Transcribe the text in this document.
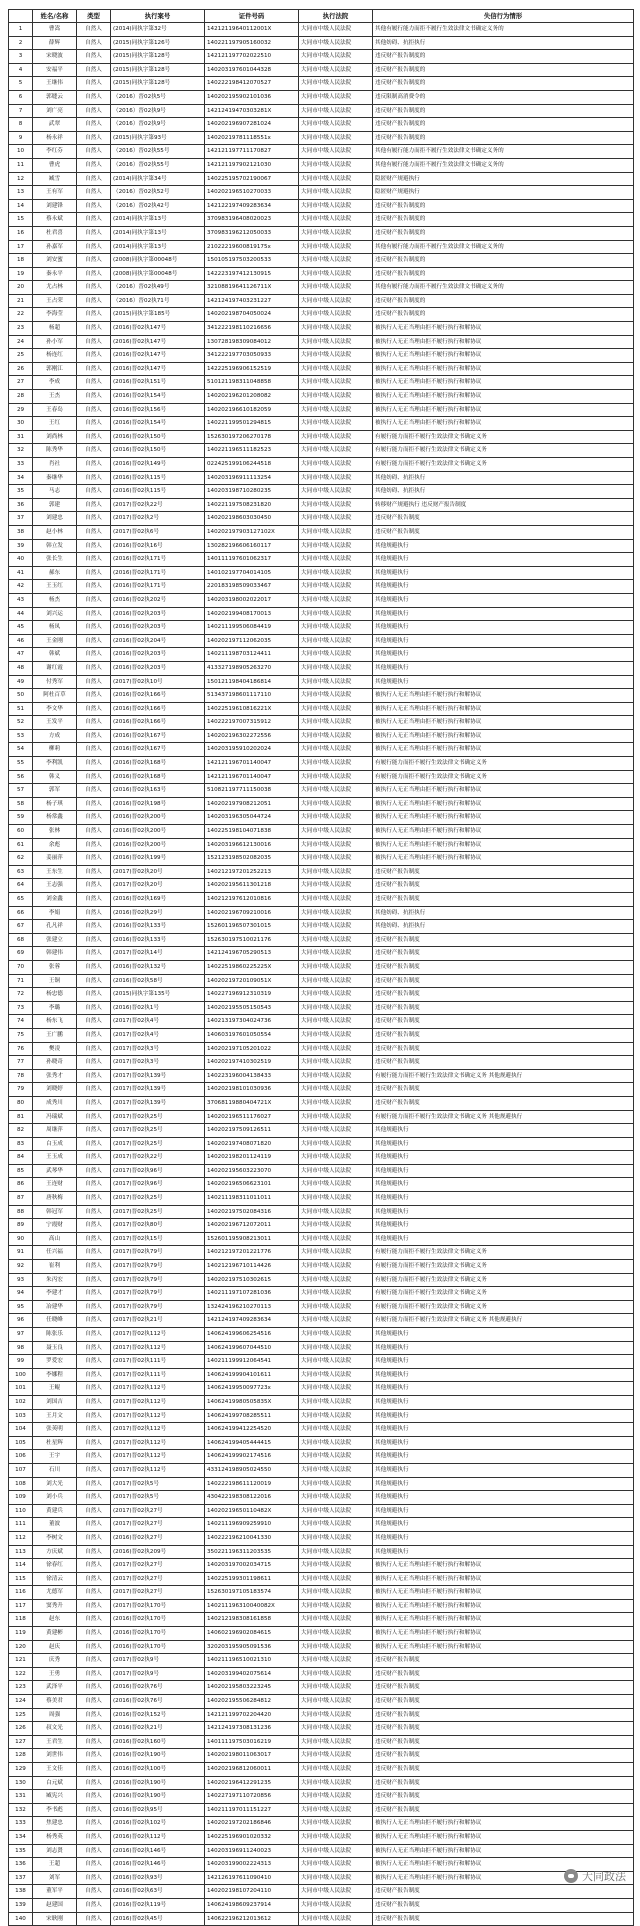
	姓名/名称	类型	执行案号	证件号码	执行法院	失信行为情形
1	曹嵩	自然人	(2014)同执字第32号	14212119640112001X	大同市中级人民法院	其他有履行能力而拒不履行生效法律文书确定义务的
2	薛辉	自然人	(2015)同执字第126号	140221197905160032	大同市中级人民法院	其他妨碍、抗拒执行
3	宋晓波	自然人	(2015)同执字第128号	142121197702022510	大同市中级人民法院	违反财产报告制度的
4	安福平	自然人	(2015)同执字第128号	140203197601044328	大同市中级人民法院	违反财产报告制度的
5	王继伟	自然人	(2015)同执字第128号	140222198412070527	大同市中级人民法院	违反财产报告制度的
6	郭缝云	自然人	（2016）晋02执5号	140202195902101036	大同市中级人民法院	违反限制高消费令的
7	刘广亮	自然人	（2016）晋02执9号	14212419470303281X	大同市中级人民法院	违反财产报告制度的
8	武翠	自然人	（2016）晋02执9号	140202196907281024	大同市中级人民法院	违反财产报告制度的
9	杨永祥	自然人	(2015)同执字第93号	14020219781118551x	大同市中级人民法院	违反财产报告制度的
10	李红芬	自然人	（2016）晋02执55号	142121197711170827	大同市中级人民法院	其他有履行能力而拒不履行生效法律文书确定义务的
11	曹虎	自然人	（2016）晋02执55号	142121197902121030	大同市中级人民法院	其他有履行能力而拒不履行生效法律文书确定义务的
12	臧雪	自然人	(2014)同执字第34号	140225195702190067	大同市中级人民法院	隐匿财产规避执行
13	王有军	自然人	（2016）晋02执52号	140202196510270033	大同市中级人民法院	隐匿财产规避执行
14	刘建锋	自然人	（2016）晋02执42号	142122197409283634	大同市中级人民法院	违反财产报告制度的
15	蔡永斌	自然人	(2014)同执字第13号	370983196408020023	大同市中级人民法院	违反财产报告制度的
16	杜君喜	自然人	(2014)同执字第13号	370983196212050033	大同市中级人民法院	违反财产报告制度的
17	孙嘉军	自然人	(2014)同执字第13号	21022219600819175x	大同市中级人民法院	其他有履行能力而拒不履行生效法律文书确定义务的
18	刘安蜜	自然人	(2008)同执字第00048号	150105197503200533	大同市中级人民法院	违反财产报告制度的
19	秦永平	自然人	(2008)同执字第00048号	142223197412130915	大同市中级人民法院	违反财产报告制度的
20	尤占林	自然人	（2016）晋02执49号	32108819641126711X	大同市中级人民法院	其他有履行能力而拒不履行生效法律文书确定义务的
21	王占荣	自然人	（2016）晋02执71号	142124197403231227	大同市中级人民法院	违反财产报告制度的
22	李海莹	自然人	(2015)同执字第185号	140202198704050024	大同市中级人民法院	违反财产报告制度的
23	杨超	自然人	(2016)晋02执147号	341222198110216656	大同市中级人民法院	被执行人无正当理由拒不履行执行和解协议
24	孙小军	自然人	(2016)晋02执147号	130728198309084012	大同市中级人民法院	被执行人无正当理由拒不履行执行和解协议
25	杨连红	自然人	(2016)晋02执147号	341222197703050933	大同市中级人民法院	被执行人无正当理由拒不履行执行和解协议
26	郭刚江	自然人	(2016)晋02执147号	142225196906152519	大同市中级人民法院	被执行人无正当理由拒不履行执行和解协议
27	李成	自然人	(2016)晋02执151号	510121198311048858	大同市中级人民法院	被执行人无正当理由拒不履行执行和解协议
28	王杰	自然人	(2016)晋02执154号	140202196201208082	大同市中级人民法院	被执行人无正当理由拒不履行执行和解协议
29	王春岛	自然人	(2016)晋02执156号	140202196610182059	大同市中级人民法院	被执行人无正当理由拒不履行执行和解协议
30	王红	自然人	(2016)晋02执154号	140221199501294815	大同市中级人民法院	被执行人无正当理由拒不履行执行和解协议
31	刘尚林	自然人	(2016)晋02执150号	152630197206270178	大同市中级人民法院	有履行能力而拒不履行生效法律文书确定义务
32	陈秀华	自然人	(2016)晋02执150号	140221196511182523	大同市中级人民法院	有履行能力而拒不履行生效法律文书确定义务
33	肖社	自然人	(2016)晋02执149号	022425199106244518	大同市中级人民法院	有履行能力而拒不履行生效法律文书确定义务
34	秦继华	自然人	(2016)晋02执115号	140203196911113254	大同市中级人民法院	其他妨碍、抗拒执行
35	马志	自然人	(2016)晋02执115号	140203198710280235	大同市中级人民法院	其他妨碍、抗拒执行
36	郭建	自然人	(2017)晋02执22号	140221197508231820	大同市中级人民法院	转移财产规避执行 违反财产报告制度
37	刘建忠	自然人	(2017)晋02执2号	140202198603030450	大同市中级人民法院	违反财产报告制度
38	赵小林	自然人	(2017)晋02执6号	140202197903127102X	大同市中级人民法院	违反财产报告制度
39	韩立发	自然人	(2016)晋02执16号	130282196606160117	大同市中级人民法院	其他规避执行
40	张长生	自然人	(2016)晋02执171号	140111197601062317	大同市中级人民法院	其他规避执行
41	郝东	自然人	(2016)晋02执171号	140102197704014105	大同市中级人民法院	其他规避执行
42	王玉红	自然人	(2016)晋02执171号	220183198509033467	大同市中级人民法院	其他规避执行
43	杨杰	自然人	(2016)晋02执202号	140203198002022017	大同市中级人民法院	其他规避执行
44	刘兴运	自然人	(2016)晋02执203号	140202199408170013	大同市中级人民法院	其他规避执行
45	杨凤	自然人	(2016)晋02执203号	140211199506084419	大同市中级人民法院	其他规避执行
46	王金刚	自然人	(2016)晋02执204号	140202197112062035	大同市中级人民法院	其他规避执行
47	韩斌	自然人	(2016)晋02执203号	140211198703124411	大同市中级人民法院	其他规避执行
48	谢红霞	自然人	(2016)晋02执203号	413327198905263270	大同市中级人民法院	其他规避执行
49	付秀军	自然人	(2017)晋02执10号	150121198404186814	大同市中级人民法院	其他规避执行
50	阿杜百草	自然人	(2016)晋02执166号	513437198601117110	大同市中级人民法院	被执行人无正当理由拒不履行执行和解协议
51	李文华	自然人	(2016)晋02执166号	14022519610816221X	大同市中级人民法院	被执行人无正当理由拒不履行执行和解协议
52	王发平	自然人	(2016)晋02执166号	140222197007315912	大同市中级人民法院	被执行人无正当理由拒不履行执行和解协议
53	方成	自然人	(2016)晋02执167号	140202196302272556	大同市中级人民法院	被执行人无正当理由拒不履行执行和解协议
54	柳莉	自然人	(2016)晋02执167号	140203195910202024	大同市中级人民法院	被执行人无正当理由拒不履行执行和解协议
55	李利凯	自然人	(2016)晋02执168号	142121196701140047	大同市中级人民法院	有履行能力而拒不履行生效法律文书确定义务
56	韩义	自然人	(2016)晋02执168号	142121196701140047	大同市中级人民法院	有履行能力而拒不履行生效法律文书确定义务
57	郭军	自然人	(2016)晋02执163号	510821197711150038	大同市中级人民法院	被执行人无正当理由拒不履行执行和解协议
58	杨子琪	自然人	(2016)晋02执198号	140202197908212051	大同市中级人民法院	被执行人无正当理由拒不履行执行和解协议
59	杨常鑫	自然人	(2016)晋02执200号	140203196305044724	大同市中级人民法院	被执行人无正当理由拒不履行执行和解协议
60	张林	自然人	(2016)晋02执200号	140225198104071838	大同市中级人民法院	被执行人无正当理由拒不履行执行和解协议
61	余彪	自然人	(2016)晋02执200号	140203196612130016	大同市中级人民法院	被执行人无正当理由拒不履行执行和解协议
62	姜丽萍	自然人	(2016)晋02执199号	152123198502082035	大同市中级人民法院	被执行人无正当理由拒不履行执行和解协议
63	王东生	自然人	(2017)晋02执20号	140212197201252213	大同市中级人民法院	违反财产报告制度
64	王志强	自然人	(2017)晋02执20号	140202195611301218	大同市中级人民法院	违反财产报告制度
65	刘金鑫	自然人	(2016)晋02执169号	140212197612010816	大同市中级人民法院	违反财产报告制度
66	李娟	自然人	(2016)晋02执29号	140202196709210016	大同市中级人民法院	其他妨碍、抗拒执行
67	孔凡祥	自然人	(2016)晋02执133号	152601196507301015	大同市中级人民法院	其他妨碍、抗拒执行
68	张建立	自然人	(2016)晋02执133号	152630197510021176	大同市中级人民法院	违反财产报告制度
69	韩建伟	自然人	(2017)晋02执14号	142124196705290513	大同市中级人民法院	违反财产报告制度
70	张蓉	自然人	(2016)晋02执132号	14022519860225225X	大同市中级人民法院	违反财产报告制度
71	王铜	自然人	(2016)晋02执58号	14020219720109051X	大同市中级人民法院	违反财产报告制度
72	杨忠德	自然人	(2015)同执字第135号	140227196912310319	大同市中级人民法院	违反财产报告制度
73	李璐	自然人	(2016)晋02执1号	140202195505150543	大同市中级人民法院	违反财产报告制度
74	杨东飞	自然人	(2017)晋02执4号	140213197304024736	大同市中级人民法院	违反财产报告制度
75	王广鹏	自然人	(2017)晋02执4号	140603197601050554	大同市中级人民法院	违反财产报告制度
76	樊凌	自然人	(2017)晋02执3号	140202197105201022	大同市中级人民法院	违反财产报告制度
77	孙晓奇	自然人	(2017)晋02执3号	140202197410302519	大同市中级人民法院	违反财产报告制度
78	张秀才	自然人	(2017)晋02执139号	140223196004138433	大同市中级人民法院	有履行能力而拒不履行生效法律文书确定义务 其他规避执行
79	刘晓婷	自然人	(2017)晋02执139号	140202198101030936	大同市中级人民法院	违反财产报告制度
80	成秀川	自然人	(2017)晋02执139号	37068119880404721X	大同市中级人民法院	违反财产报告制度
81	冯瑞斌	自然人	(2017)晋02执25号	140202196511176027	大同市中级人民法院	有履行能力而拒不履行生效法律文书确定义务 其他规避执行
82	周继萍	自然人	(2017)晋02执25号	140202197509126511	大同市中级人民法院	其他规避执行
83	白玉成	自然人	(2017)晋02执25号	140202197408071820	大同市中级人民法院	其他规避执行
84	王玉成	自然人	(2017)晋02执22号	140202198201124119	大同市中级人民法院	其他规避执行
85	武琴华	自然人	(2017)晋02执96号	140202195603223070	大同市中级人民法院	其他规避执行
86	王连财	自然人	(2017)晋02执96号	140202196506623101	大同市中级人民法院	其他规避执行
87	唐秋梅	自然人	(2017)晋02执25号	140211198311011011	大同市中级人民法院	其他规避执行
88	韩冠军	自然人	(2017)晋02执25号	140202197502084316	大同市中级人民法院	其他规避执行
89	宁霞财	自然人	(2017)晋02执80号	140202196712072011	大同市中级人民法院	其他规避执行
90	高山	自然人	(2017)晋02执15号	152601195908213011	大同市中级人民法院	其他规避执行
91	任兴福	自然人	(2017)晋02执79号	140212197201221776	大同市中级人民法院	有履行能力而拒不履行生效法律文书确定义务
92	崔利	自然人	(2017)晋02执79号	140212196710114426	大同市中级人民法院	有履行能力而拒不履行生效法律文书确定义务
93	朱丙宏	自然人	(2017)晋02执79号	140202197510302615	大同市中级人民法院	有履行能力而拒不履行生效法律文书确定义务
94	李建才	自然人	(2017)晋02执79号	140211197107281036	大同市中级人民法院	有履行能力而拒不履行生效法律文书确定义务
95	冶建华	自然人	(2017)晋02执79号	132424196210270113	大同市中级人民法院	有履行能力而拒不履行生效法律文书确定义务
96	任晓峰	自然人	(2017)晋02执21号	142124197409283634	大同市中级人民法院	有履行能力而拒不履行生效法律文书确定义务 其他规避执行
97	陈张乐	自然人	(2017)晋02执112号	140624199606254516	大同市中级人民法院	其他规避执行
98	聂玉良	自然人	(2017)晋02执112号	140624199607044510	大同市中级人民法院	其他规避执行
99	罗爱宏	自然人	(2017)晋02执111号	140211199912064541	大同市中级人民法院	其他规避执行
100	李娜程	自然人	(2017)晋02执111号	140624199904101611	大同市中级人民法院	其他规避执行
101	王鲲	自然人	(2017)晋02执112号	14062419950097723x	大同市中级人民法院	其他规避执行
102	刘国吉	自然人	(2017)晋02执112号	14062419980505835X	大同市中级人民法院	其他规避执行
103	王月文	自然人	(2017)晋02执112号	140624199708285511	大同市中级人民法院	其他规避执行
104	张英明	自然人	(2017)晋02执112号	140624199412254520	大同市中级人民法院	其他规避执行
105	杜星辉	自然人	(2017)晋02执112号	140624199405444415	大同市中级人民法院	其他规避执行
106	王宇	自然人	(2017)晋02执112号	140624199902174516	大同市中级人民法院	其他规避执行
107	石川	自然人	(2017)晋02执112号	433124198905024550	大同市中级人民法院	其他规避执行
108	刘大光	自然人	(2017)晋02执5号	140222198611120019	大同市中级人民法院	其他规避执行
109	刘小兵	自然人	(2017)晋02执5号	430422198308122016	大同市中级人民法院	其他规避执行
110	黄建兵	自然人	(2017)晋02执27号	14020219650110482X	大同市中级人民法院	其他规避执行
111	董波	自然人	(2017)晋02执27号	140211196909259910	大同市中级人民法院	其他规避执行
112	李树文	自然人	(2016)晋02执27号	140222196210041330	大同市中级人民法院	其他规避执行
113	方庆斌	自然人	(2016)晋02执209号	350221196311203535	大同市中级人民法院	其他规避执行
114	徐春红	自然人	(2017)晋02执27号	140203197002034715	大同市中级人民法院	被执行人无正当理由拒不履行执行和解协议
115	徐清云	自然人	(2017)晋02执27号	140225199301198611	大同市中级人民法院	被执行人无正当理由拒不履行执行和解协议
116	尤德军	自然人	(2017)晋02执27号	152630197105183574	大同市中级人民法院	被执行人无正当理由拒不履行执行和解协议
117	窦秀升	自然人	(2017)晋02执170号	140211196310040082X	大同市中级人民法院	被执行人无正当理由拒不履行执行和解协议
118	赵东	自然人	(2016)晋02执170号	140212198308161858	大同市中级人民法院	被执行人无正当理由拒不履行执行和解协议
119	黄建彬	自然人	(2016)晋02执170号	140602196902084615	大同市中级人民法院	被执行人无正当理由拒不履行执行和解协议
120	赵庆	自然人	(2016)晋02执170号	320203195905091536	大同市中级人民法院	被执行人无正当理由拒不履行执行和解协议
121	庆秀	自然人	(2017)晋02执9号	140211196510021310	大同市中级人民法院	违反财产报告制度
122	王勇	自然人	(2017)晋02执9号	140203199402075614	大同市中级人民法院	违反财产报告制度
123	武泽平	自然人	(2016)晋02执76号	140202195803223245	大同市中级人民法院	违反财产报告制度
124	蔡美君	自然人	(2016)晋02执76号	140202195506284812	大同市中级人民法院	违反财产报告制度
125	周强	自然人	(2016)晋02执152号	142121199702204420	大同市中级人民法院	违反财产报告制度
126	叔文光	自然人	(2016)晋02执21号	142124197308131236	大同市中级人民法院	违反财产报告制度
127	王君生	自然人	(2016)晋02执160号	140111197503016219	大同市中级人民法院	违反财产报告制度
128	刘世伟	自然人	(2016)晋02执190号	140202198011063017	大同市中级人民法院	违反财产报告制度
129	王文佳	自然人	(2016)晋02执100号	140202196812060011	大同市中级人民法院	违反财产报告制度
130	白元斌	自然人	(2016)晋02执190号	140202196412291235	大同市中级人民法院	违反财产报告制度
131	臧宪兴	自然人	(2016)晋02执190号	140227197110720856	大同市中级人民法院	违反财产报告制度
132	李书彪	自然人	(2016)晋02执95号	140211197011151227	大同市中级人民法院	违反财产报告制度
133	焦建忠	自然人	(2016)晋02执102号	140202197202186846	大同市中级人民法院	被执行人无正当理由拒不履行执行和解协议
134	杨秀英	自然人	(2016)晋02执112号	140225196901020332	大同市中级人民法院	被执行人无正当理由拒不履行执行和解协议
135	刘志贤	自然人	(2016)晋02执146号	140203196911240023	大同市中级人民法院	被执行人无正当理由拒不履行执行和解协议
136	王超	自然人	(2016)晋02执146号	140203199002224313	大同市中级人民法院	被执行人无正当理由拒不履行执行和解协议
137	刘军	自然人	(2016)晋02执93号	142126197611090410	大同市中级人民法院	被执行人无正当理由拒不履行执行和解协议
138	董军平	自然人	(2016)晋02执63号	140202198107204110	大同市中级人民法院	违反财产报告制度
139	赵建国	自然人	(2016)晋02执119号	140624198609237914	大同市中级人民法院	违反财产报告制度
140	宋耿刚	自然人	(2016)晋02执45号	140622196212013612	大同市中级人民法院	违反财产报告制度
大同政法
